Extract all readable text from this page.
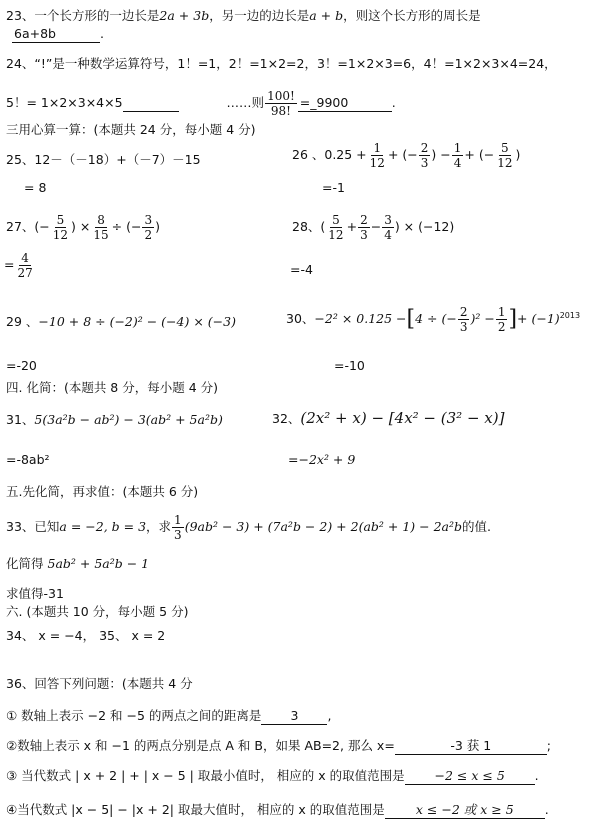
23、一个长方形的一边长是2a + 3b，另一边的边长是a + b，则这个长方形的周长是
6a+8b	.
24、“!”是一种数学运算符号，1！=1，2！=1×2=2，3！=1×2×3=6，4！=1×2×3×4=24，
5！= 1×2×3×4×5	……则 $\frac{100!}{98!}$ =_9900	.
三用心算一算：(本题共 24 分，每小题 4 分)
25、12－（－18）+（－7）－15
= 8
26 、$0.25 + \frac{1}{12}$ + (− $\frac{2}{3}$ ) − $\frac{1}{4}$ + (− $\frac{5}{12}$ )
=-1
27、(− $\frac{5}{12}$ ) × $\frac{8}{15}$ ÷ (− $\frac{3}{2}$ )
= $\frac{4}{27}$
28、( $\frac{5}{12} + \frac{2}{3} - \frac{3}{4}$ ) × (−12)
=-4
29 、−10 + 8 ÷ (−2)² − (−4) × (−3)
=-20
30、−2² × 0.125 −[4 ÷ (− $\frac{2}{3} )^2 - \frac{1}{2}$ ]+ $(-1)^{2013}$
=-10
四. 化简：(本题共 8 分，每小题 4 分)
31、5(3a²b − ab²) − 3(ab² + 5a²b)
=-8ab²
32、(2x² + x) − [4x² − (3² − x)]
=−2x² + 9
五.先化简，再求值：(本题共 6 分)
33、已知a = −2, b = 3，求 $\frac{1}{3} (9ab^2 - 3) + (7a^2b - 2) + 2(ab^2 + 1) - 2a^2b$的值.
化简得 5ab² + 5a²b − 1
求值得-31
六. (本题共 10 分，每小题 5 分)
34、 x = −4， 35、 x = 2
36、回答下列问题：(本题共 4 分
① 数轴上表示 −2 和 −5 的两点之间的距离是 3 ,
②数轴上表示 x 和 −1 的两点分别是点 A 和 B，如果 AB=2, 那么 x=	-3 获 1	;
③ 当代数式 | x + 2 | + | x − 5 | 取最小值时， 相应的 x 的取值范围是 −2 ≤ x ≤ 5 .
④当代数式 |x − 5| − |x + 2| 取最大值时， 相应的 x 的取值范围是 x ≤ −2 或 x ≥ 5 .
